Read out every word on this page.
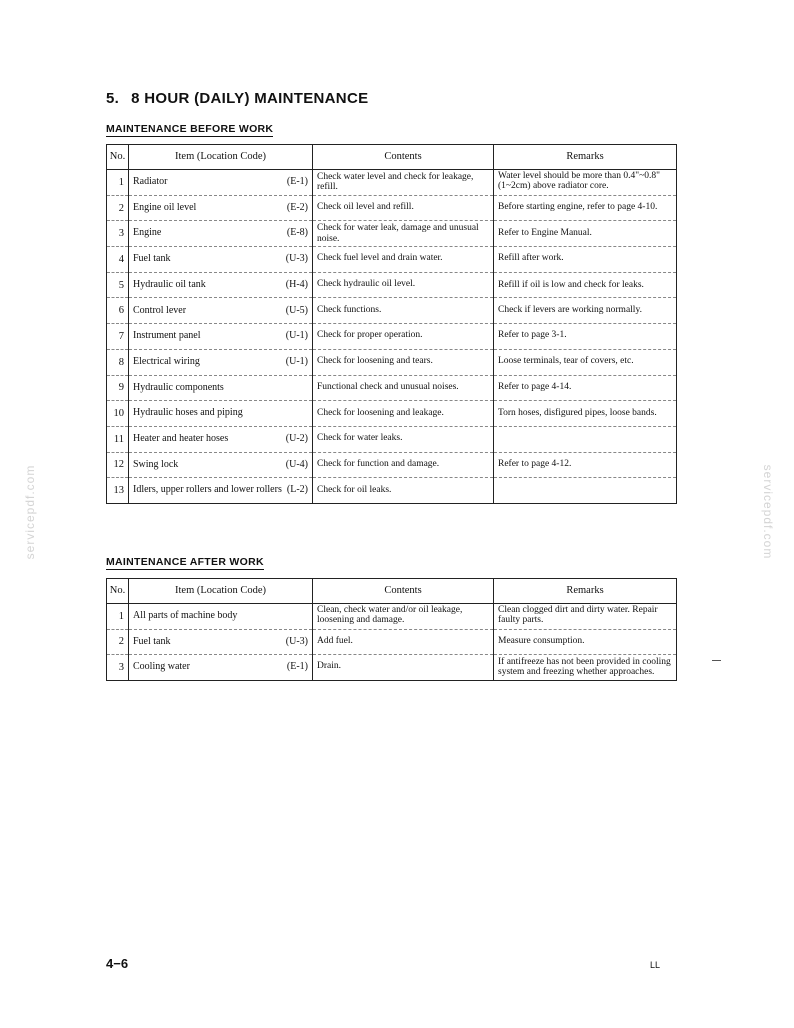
servicepdf.com	servicepdf.com
5. 8 HOUR (DAILY) MAINTENANCE
MAINTENANCE BEFORE WORK
No.	Item (Location Code)	Contents	Remarks
1	Radiator (E-1)	Check water level and check for leakage, refill.	Water level should be more than 0.4"~0.8" (1~2cm) above radiator core.
2	Engine oil level (E-2)	Check oil level and refill.	Before starting engine, refer to page 4-10.
3	Engine (E-8)	Check for water leak, damage and unusual noise.	Refer to Engine Manual.
4	Fuel tank (U-3)	Check fuel level and drain water.	Refill after work.
5	Hydraulic oil tank (H-4)	Check hydraulic oil level.	Refill if oil is low and check for leaks.
6	Control lever (U-5)	Check functions.	Check if levers are working normally.
7	Instrument panel (U-1)	Check for proper operation.	Refer to page 3-1.
8	Electrical wiring (U-1)	Check for loosening and tears.	Loose terminals, tear of covers, etc.
9	Hydraulic components	Functional check and unusual noises.	Refer to page 4-14.
10	Hydraulic hoses and piping	Check for loosening and leakage.	Torn hoses, disfigured pipes, loose bands.
11	Heater and heater hoses (U-2)	Check for water leaks.	
12	Swing lock (U-4)	Check for function and damage.	Refer to page 4-12.
13	Idlers, upper rollers and lower rollers (L-2)	Check for oil leaks.	
MAINTENANCE AFTER WORK
No.	Item (Location Code)	Contents	Remarks
1	All parts of machine body	Clean, check water and/or oil leakage, loosening and damage.	Clean clogged dirt and dirty water. Repair faulty parts.
2	Fuel tank (U-3)	Add fuel.	Measure consumption.
3	Cooling water (E-1)	Drain.	If antifreeze has not been provided in cooling system and freezing whether approaches.

4−6	LL
